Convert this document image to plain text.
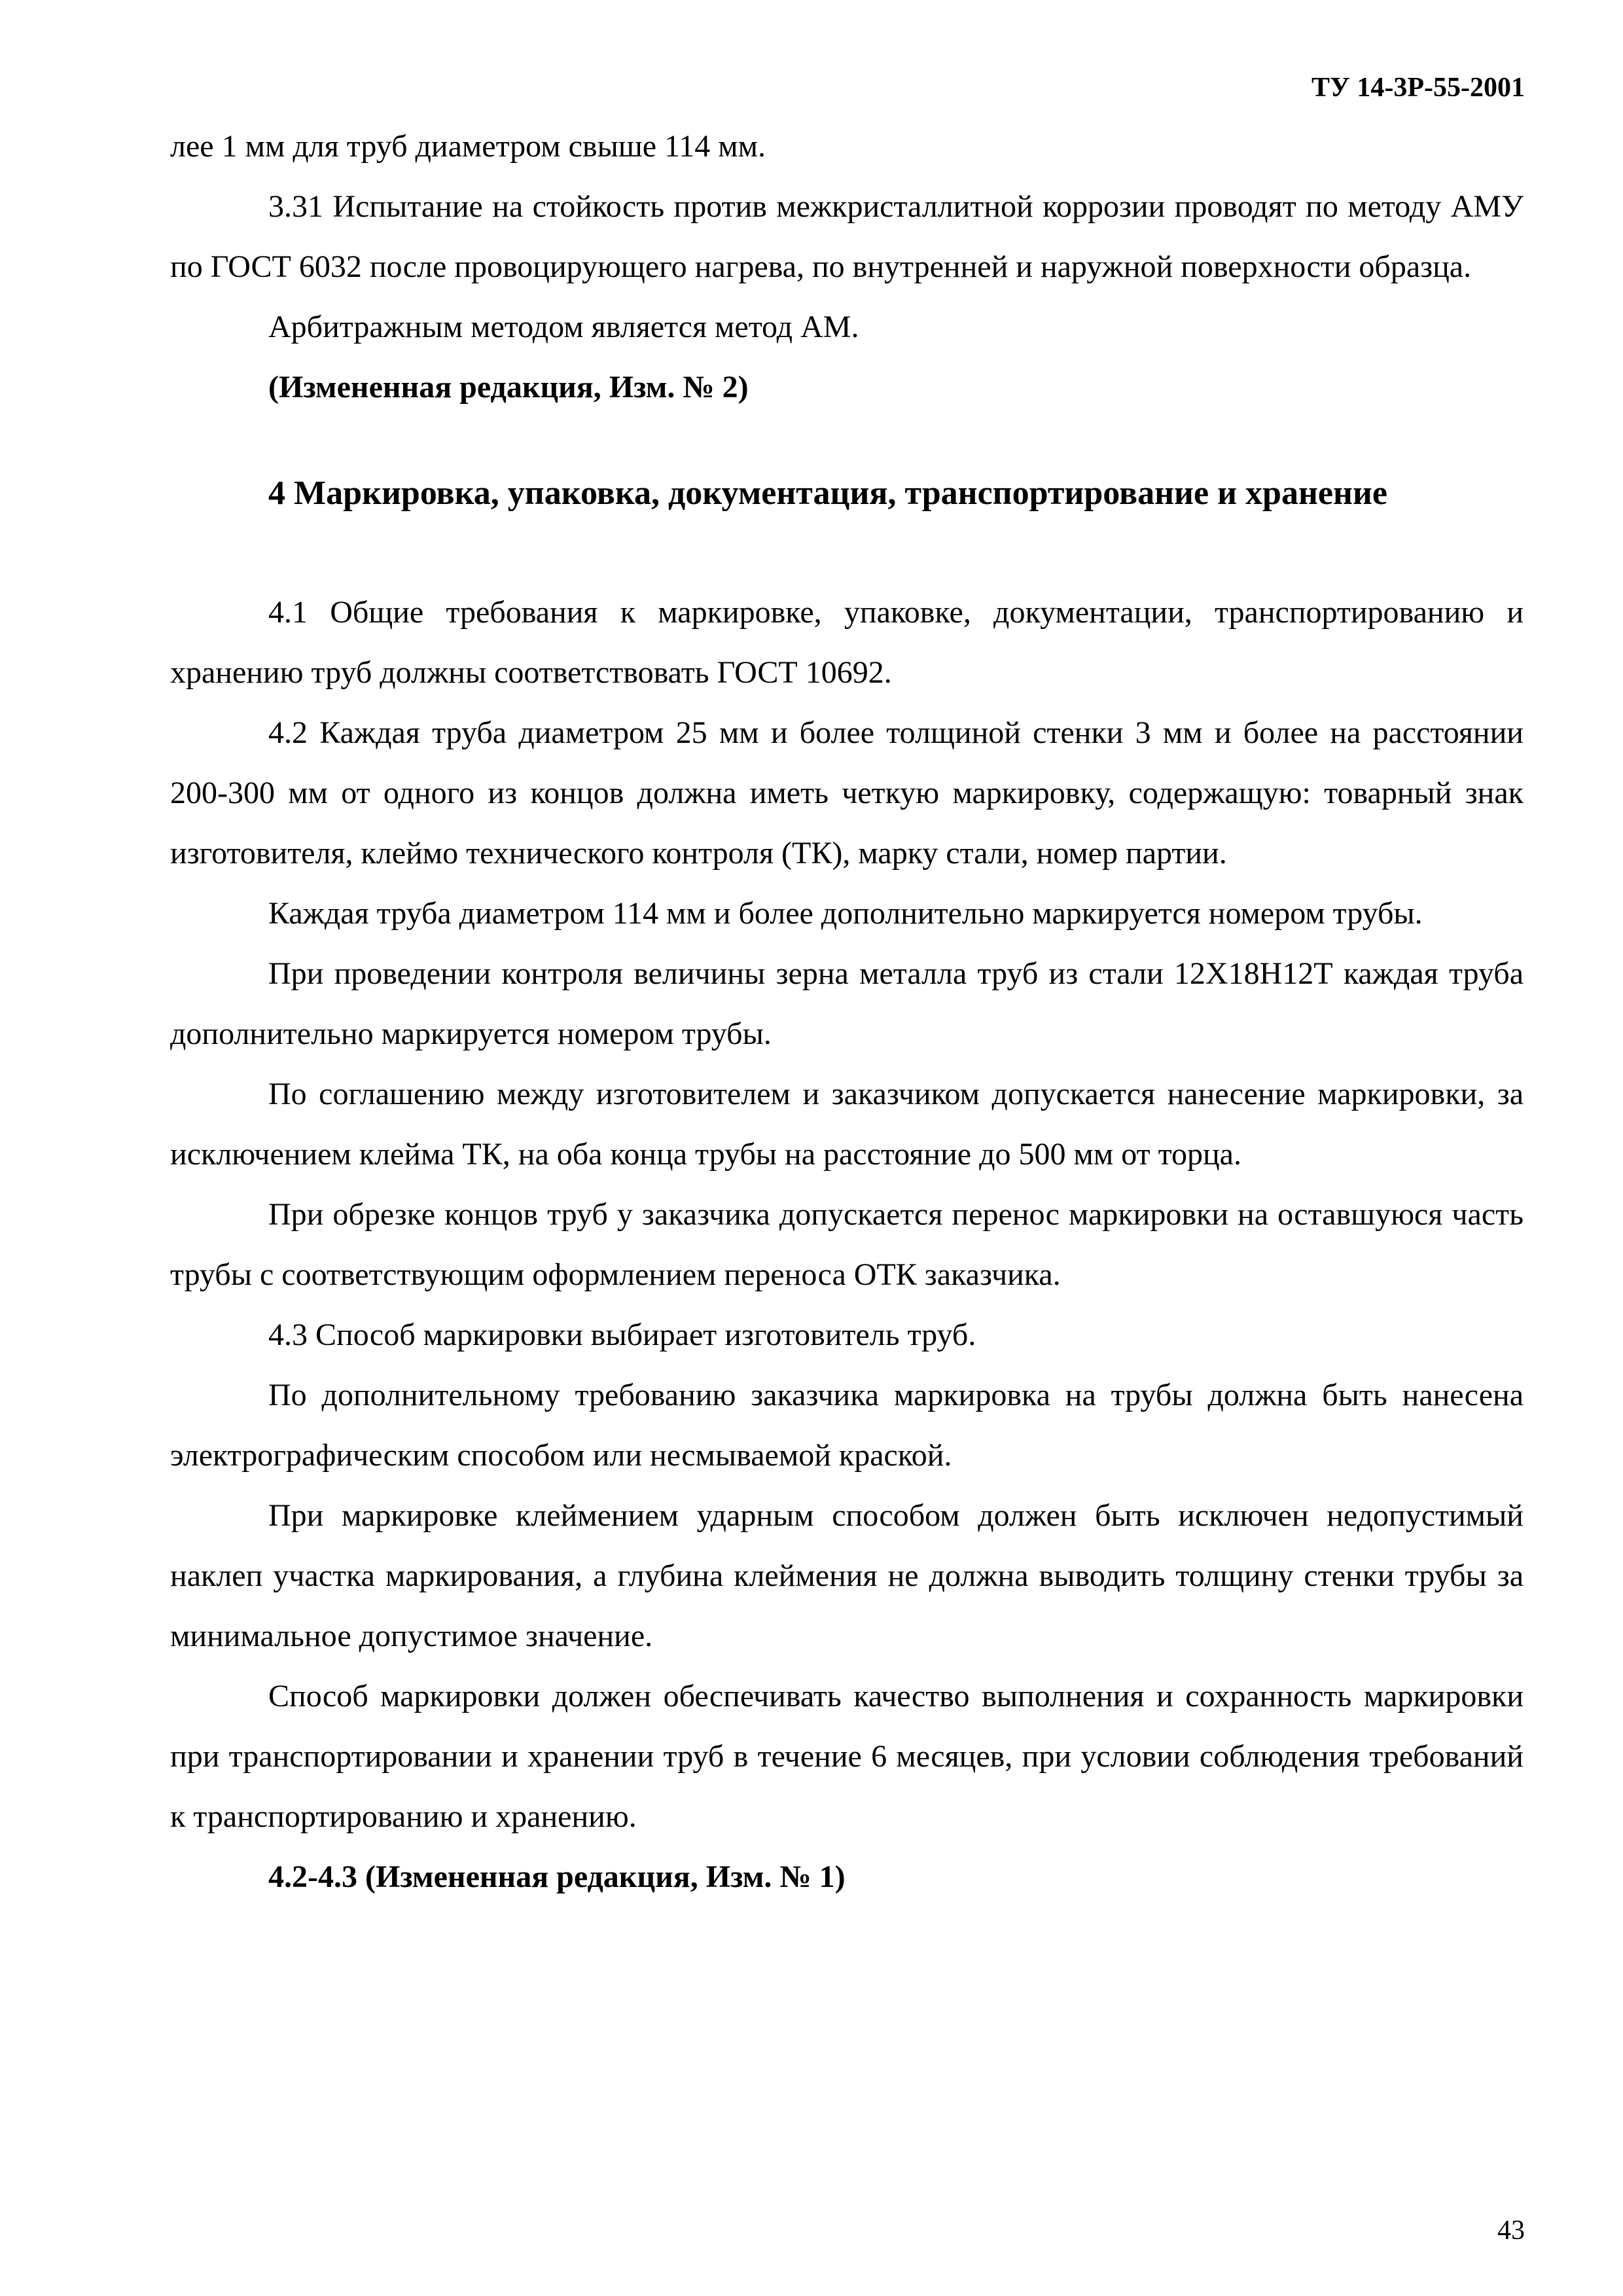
ТУ 14-3Р-55-2001

лее 1 мм для труб диаметром свыше 114 мм.

3.31 Испытание на стойкость против межкристаллитной коррозии проводят по методу АМУ по ГОСТ 6032 после провоцирующего нагрева, по внутренней и наружной поверхности образца.

Арбитражным методом является метод АМ.

(Измененная редакция, Изм. № 2)

4 Маркировка, упаковка, документация, транспортирование и хранение

4.1 Общие требования к маркировке, упаковке, документации, транспортированию и хранению труб должны соответствовать ГОСТ 10692.

4.2 Каждая труба диаметром 25 мм и более толщиной стенки 3 мм и более на расстоянии 200-300 мм от одного из концов должна иметь четкую маркировку, содержащую: товарный знак изготовителя, клеймо технического контроля (ТК), марку стали, номер партии.

Каждая труба диаметром 114 мм и более дополнительно маркируется номером трубы.

При проведении контроля величины зерна металла труб из стали 12Х18Н12Т каждая труба дополнительно маркируется номером трубы.

По соглашению между изготовителем и заказчиком допускается нанесение маркировки, за исключением клейма ТК, на оба конца трубы на расстояние до 500 мм от торца.

При обрезке концов труб у заказчика допускается перенос маркировки на оставшуюся часть трубы с соответствующим оформлением переноса ОТК заказчика.

4.3 Способ маркировки выбирает изготовитель труб.

По дополнительному требованию заказчика маркировка на трубы должна быть нанесена электрографическим способом или несмываемой краской.

При маркировке клеймением ударным способом должен быть исключен недопустимый наклеп участка маркирования, а глубина клеймения не должна выводить толщину стенки трубы за минимальное допустимое значение.

Способ маркировки должен обеспечивать качество выполнения и сохранность маркировки при транспортировании и хранении труб в течение 6 месяцев, при условии соблюдения требований к транспортированию и хранению.

4.2-4.3 (Измененная редакция, Изм. № 1)

43
